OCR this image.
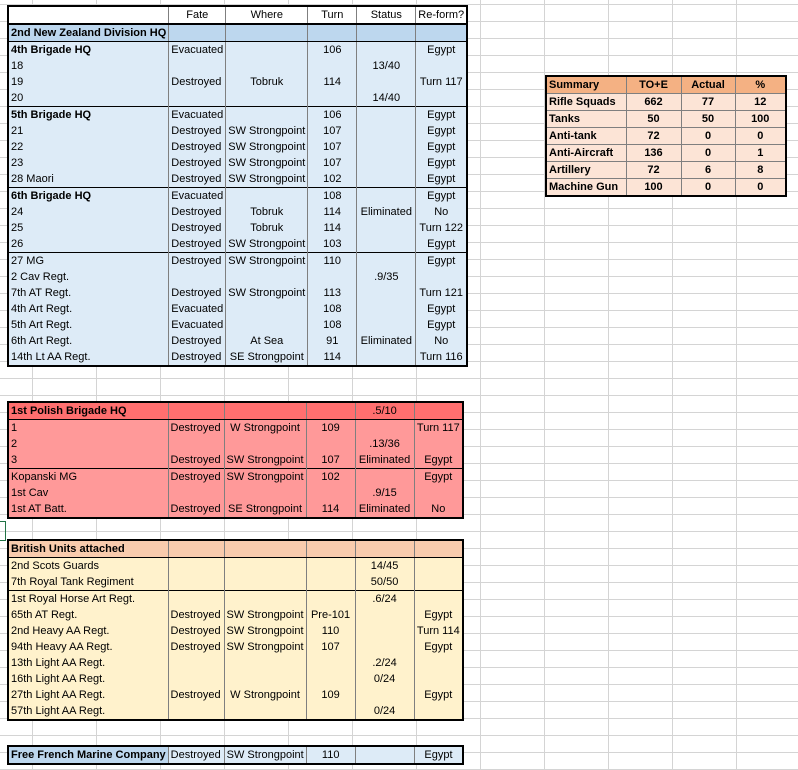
	Fate	Where	Turn	Status	Re-form?
2nd New Zealand Division HQ					
4th Brigade HQ	Evacuated		106		Egypt
18				13/40	
19	Destroyed	Tobruk	114		Turn 117
20				14/40	
5th Brigade HQ	Evacuated		106		Egypt
21	Destroyed	SW Strongpoint	107		Egypt
22	Destroyed	SW Strongpoint	107		Egypt
23	Destroyed	SW Strongpoint	107		Egypt
28 Maori	Destroyed	SW Strongpoint	102		Egypt
6th Brigade HQ	Evacuated		108		Egypt
24	Destroyed	Tobruk	114	Eliminated	No
25	Destroyed	Tobruk	114		Turn 122
26	Destroyed	SW Strongpoint	103		Egypt
27 MG	Destroyed	SW Strongpoint	110		Egypt
2 Cav Regt.				.9/35	
7th AT Regt.	Destroyed	SW Strongpoint	113		Turn 121
4th Art Regt.	Evacuated		108		Egypt
5th Art Regt.	Evacuated		108		Egypt
6th Art Regt.	Destroyed	At Sea	91	Eliminated	No
14th Lt AA Regt.	Destroyed	SE Strongpoint	114		Turn 116
1st Polish Brigade HQ				.5/10	
1	Destroyed	W Strongpoint	109		Turn 117
2				.13/36	
3	Destroyed	SW Strongpoint	107	Eliminated	Egypt
Kopanski MG	Destroyed	SW Strongpoint	102		Egypt
1st Cav				.9/15	
1st AT Batt.	Destroyed	SE Strongpoint	114	Eliminated	No
British Units attached					
2nd Scots Guards				14/45	
7th Royal Tank Regiment				50/50	
1st Royal Horse Art Regt.				.6/24	
65th AT Regt.	Destroyed	SW Strongpoint	Pre-101		Egypt
2nd Heavy AA Regt.	Destroyed	SW Strongpoint	110		Turn 114
94th Heavy AA Regt.	Destroyed	SW Strongpoint	107		Egypt
13th Light AA Regt.				.2/24	
16th Light AA Regt.				0/24	
27th Light AA Regt.	Destroyed	W Strongpoint	109		Egypt
57th Light AA Regt.				0/24	
Free French Marine Company	Destroyed	SW Strongpoint	110		Egypt
Summary	TO+E	Actual	%
Rifle Squads	662	77	12
Tanks	50	50	100
Anti-tank	72	0	0
Anti-Aircraft	136	0	1
Artillery	72	6	8
Machine Gun	100	0	0
